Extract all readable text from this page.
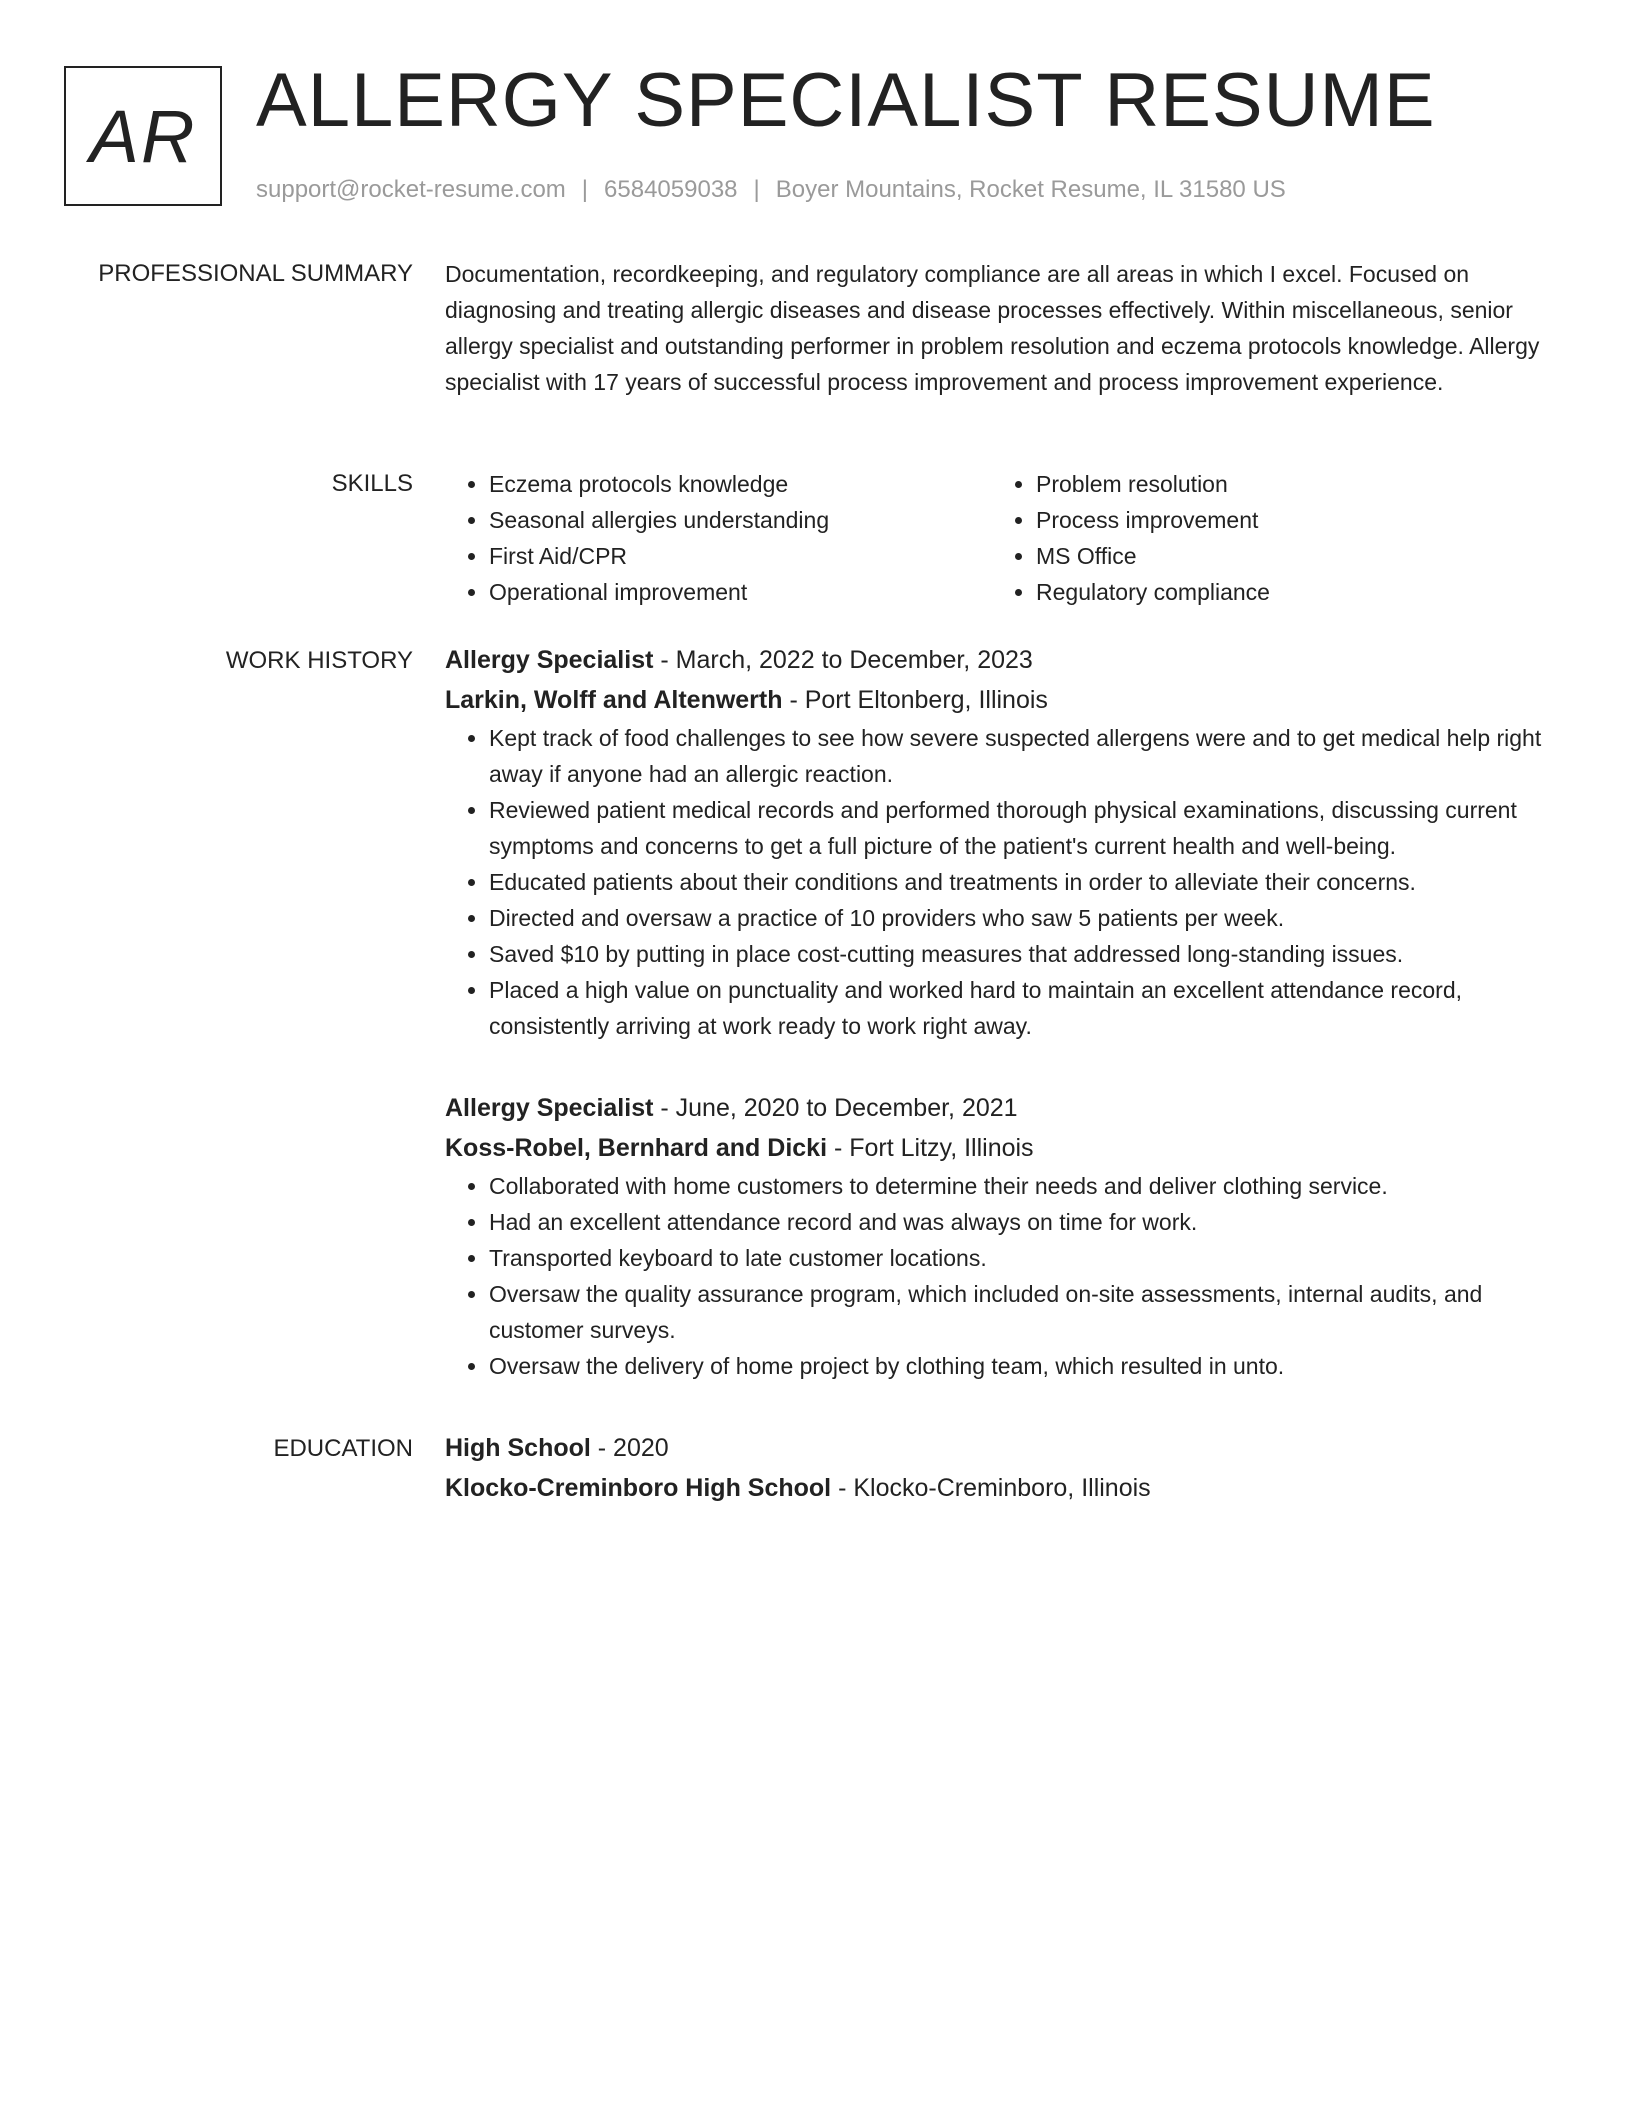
AR ALLERGY SPECIALIST RESUME
support@rocket-resume.com | 6584059038 | Boyer Mountains, Rocket Resume, IL 31580 US
PROFESSIONAL SUMMARY Documentation, recordkeeping, and regulatory compliance are all areas in which I excel. Focused on diagnosing and treating allergic diseases and disease processes effectively. Within miscellaneous, senior allergy specialist and outstanding performer in problem resolution and eczema protocols knowledge. Allergy specialist with 17 years of successful process improvement and process improvement experience.

SKILLS
•	Eczema protocols knowledge
• Seasonal allergies understanding
• First Aid/CPR
• Operational improvement
• Problem resolution
• Process improvement
• MS Office
• Regulatory compliance
WORK HISTORY Allergy Specialist - March, 2022 to December, 2023
Larkin, Wolff and Altenwerth - Port Eltonberg, Illinois
• Kept track of food challenges to see how severe suspected allergens were and to get medical help right away if anyone had an allergic reaction.
• Reviewed patient medical records and performed thorough physical examinations, discussing current symptoms and concerns to get a full picture of the patient's current health and well-being.
• Educated patients about their conditions and treatments in order to alleviate their concerns.
• Directed and oversaw a practice of 10 providers who saw 5 patients per week.
• Saved $10 by putting in place cost-cutting measures that addressed long-standing issues.
• Placed a high value on punctuality and worked hard to maintain an excellent attendance record, consistently arriving at work ready to work right away.
Allergy Specialist - June, 2020 to December, 2021
Koss-Robel, Bernhard and Dicki - Fort Litzy, Illinois
• Collaborated with home customers to determine their needs and deliver clothing service.
• Had an excellent attendance record and was always on time for work.
• Transported keyboard to late customer locations.
• Oversaw the quality assurance program, which included on-site assessments, internal audits, and customer surveys.
• Oversaw the delivery of home project by clothing team, which resulted in unto.
EDUCATION High School - 2020
Klocko-Creminboro High School - Klocko-Creminboro, Illinois
